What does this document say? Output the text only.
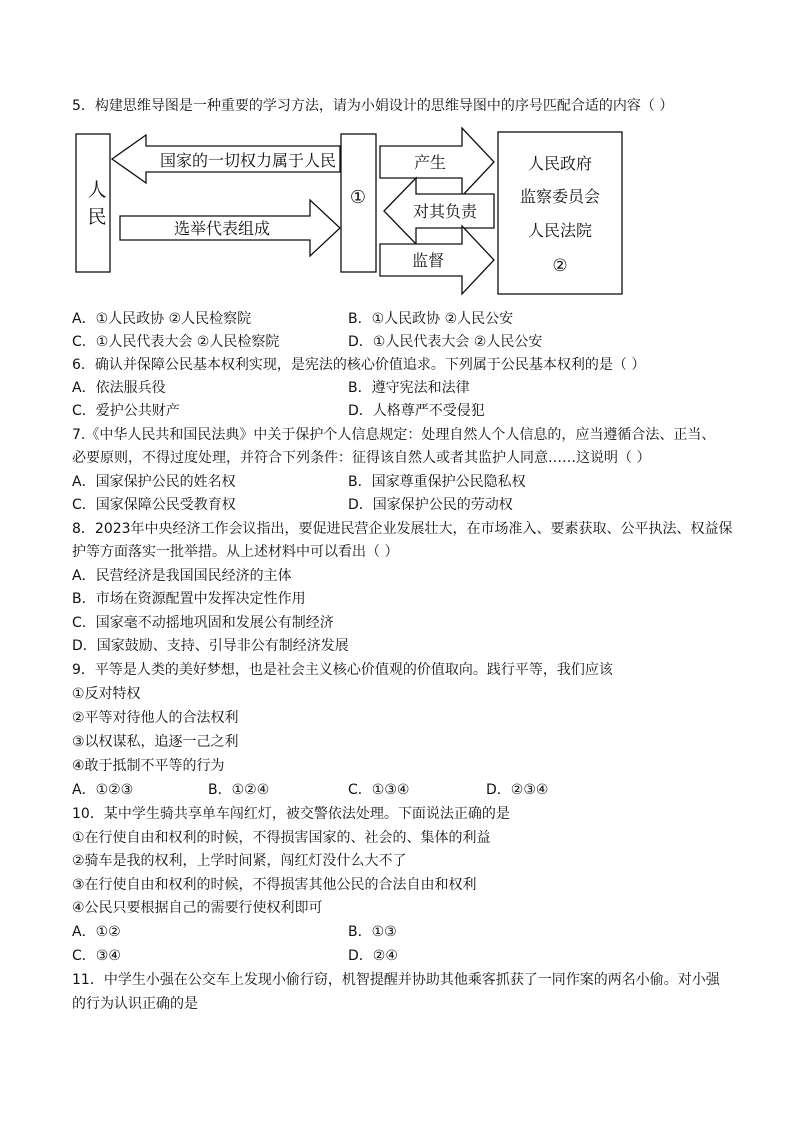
5．构建思维导图是一种重要的学习方法，请为小娟设计的思维导图中的序号匹配合适的内容（ ）
人
民
国家的一切权力属于人民
选举代表组成
①
产生
对其负责
监督
人民政府
监察委员会
人民法院
②
A．①人民政协 ②人民检察院	B．①人民政协 ②人民公安
C．①人民代表大会 ②人民检察院	D．①人民代表大会 ②人民公安
6．确认并保障公民基本权利实现，是宪法的核心价值追求。下列属于公民基本权利的是（ ）
A．依法服兵役	B．遵守宪法和法律
C．爱护公共财产	D．人格尊严不受侵犯
7.《中华人民共和国民法典》中关于保护个人信息规定：处理自然人个人信息的，应当遵循合法、正当、
必要原则，不得过度处理，并符合下列条件：征得该自然人或者其监护人同意……这说明（ ）
A．国家保护公民的姓名权	B．国家尊重保护公民隐私权
C．国家保障公民受教育权	D．国家保护公民的劳动权
8．2023年中央经济工作会议指出，要促进民营企业发展壮大，在市场准入、要素获取、公平执法、权益保
护等方面落实一批举措。从上述材料中可以看出（ ）
A．民营经济是我国国民经济的主体
B．市场在资源配置中发挥决定性作用
C．国家毫不动摇地巩固和发展公有制经济
D．国家鼓励、支持、引导非公有制经济发展
9．平等是人类的美好梦想，也是社会主义核心价值观的价值取向。践行平等，我们应该
①反对特权
②平等对待他人的合法权利
③以权谋私，追逐一己之利
④敢于抵制不平等的行为
A．①②③	B．①②④	C．①③④	D．②③④
10．某中学生骑共享单车闯红灯，被交警依法处理。下面说法正确的是
①在行使自由和权利的时候，不得损害国家的、社会的、集体的利益
②骑车是我的权利，上学时间紧，闯红灯没什么大不了
③在行使自由和权利的时候，不得损害其他公民的合法自由和权利
④公民只要根据自己的需要行使权利即可
A．①②	B．①③
C．③④	D．②④
11．中学生小强在公交车上发现小偷行窃，机智提醒并协助其他乘客抓获了一同作案的两名小偷。对小强
的行为认识正确的是
